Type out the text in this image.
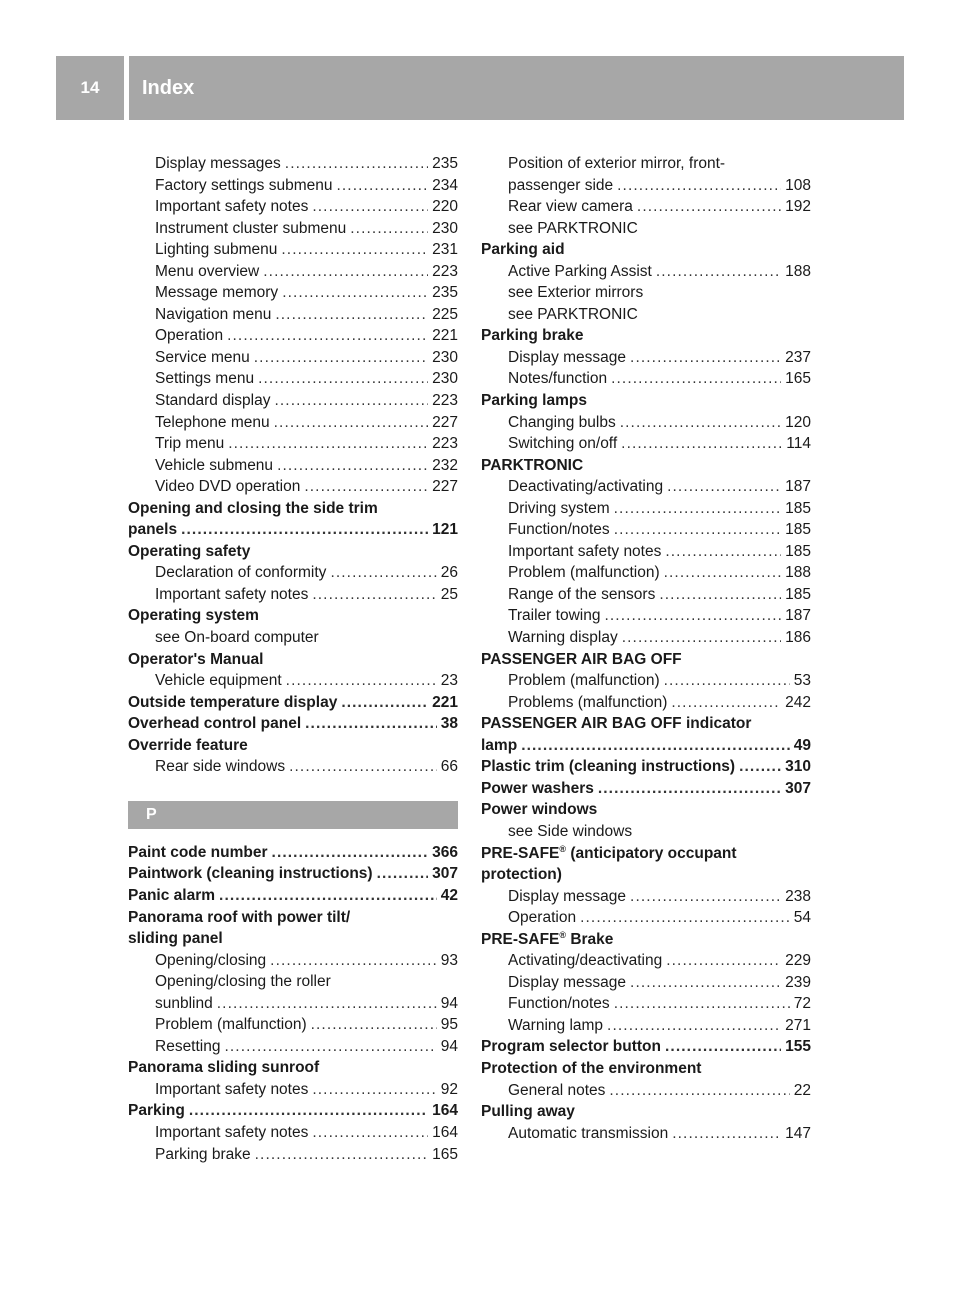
14	Index
Display messages . . .	235
Factory settings submenu . . .	234
Important safety notes . . .	220
Instrument cluster submenu . . .	230
Lighting submenu . . .	231
Menu overview . . .	223
Message memory . . .	235
Navigation menu . . .	225
Operation . . .	221
Service menu . . .	230
Settings menu . . .	230
Standard display . . .	223
Telephone menu . . .	227
Trip menu . . .	223
Vehicle submenu . . .	232
Video DVD operation . . .	227
Opening and closing the side trim
panels . . .	121
Operating safety
Declaration of conformity . . .	26
Important safety notes . . .	25
Operating system
see On-board computer
Operator's Manual
Vehicle equipment . . .	23
Outside temperature display . . .	221
Overhead control panel . . .	38
Override feature
Rear side windows . . .	66
P
Paint code number . . .	366
Paintwork (cleaning instructions) . . .	307
Panic alarm . . .	42
Panorama roof with power tilt/
sliding panel
Opening/closing . . .	93
Opening/closing the roller
sunblind . . .	94
Problem (malfunction) . . .	95
Resetting . . .	94
Panorama sliding sunroof
Important safety notes . . .	92
Parking . . .	164
Important safety notes . . .	164
Parking brake . . .	165
Position of exterior mirror, front-
passenger side . . .	108
Rear view camera . . .	192
see PARKTRONIC
Parking aid
Active Parking Assist . . .	188
see Exterior mirrors
see PARKTRONIC
Parking brake
Display message . . .	237
Notes/function . . .	165
Parking lamps
Changing bulbs . . .	120
Switching on/off . . .	114
PARKTRONIC
Deactivating/activating . . .	187
Driving system . . .	185
Function/notes . . .	185
Important safety notes . . .	185
Problem (malfunction) . . .	188
Range of the sensors . . .	185
Trailer towing . . .	187
Warning display . . .	186
PASSENGER AIR BAG OFF
Problem (malfunction) . . .	53
Problems (malfunction) . . .	242
PASSENGER AIR BAG OFF indicator
lamp . . .	49
Plastic trim (cleaning instructions) . . .	310
Power washers . . .	307
Power windows
see Side windows
PRE-SAFE® (anticipatory occupant
protection)
Display message . . .	238
Operation . . .	54
PRE-SAFE® Brake
Activating/deactivating . . .	229
Display message . . .	239
Function/notes . . .	72
Warning lamp . . .	271
Program selector button . . .	155
Protection of the environment
General notes . . .	22
Pulling away
Automatic transmission . . .	147
